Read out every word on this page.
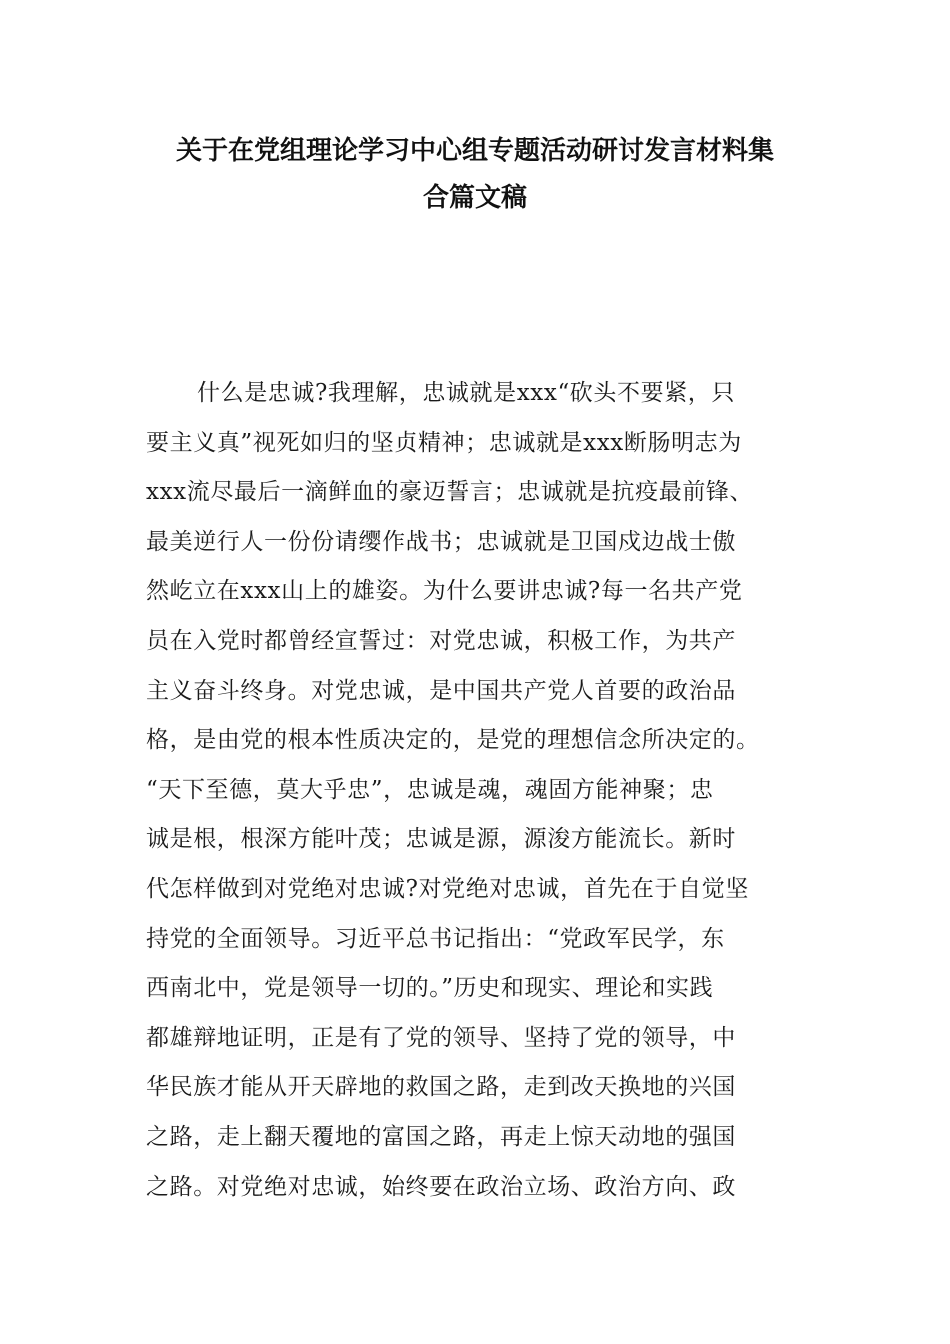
关于在党组理论学习中心组专题活动研讨发言材料集
合篇文稿
什么是忠诚?我理解，忠诚就是xxx“砍头不要紧，只
要主义真”视死如归的坚贞精神；忠诚就是xxx断肠明志为
xxx流尽最后一滴鲜血的豪迈誓言；忠诚就是抗疫最前锋、
最美逆行人一份份请缨作战书；忠诚就是卫国戍边战士傲
然屹立在xxx山上的雄姿。为什么要讲忠诚?每一名共产党
员在入党时都曾经宣誓过：对党忠诚，积极工作，为共产
主义奋斗终身。对党忠诚，是中国共产党人首要的政治品
格，是由党的根本性质决定的，是党的理想信念所决定的。
“天下至德，莫大乎忠”，忠诚是魂，魂固方能神聚；忠
诚是根，根深方能叶茂；忠诚是源，源浚方能流长。新时
代怎样做到对党绝对忠诚?对党绝对忠诚，首先在于自觉坚
持党的全面领导。习近平总书记指出：“党政军民学，东
西南北中，党是领导一切的。”历史和现实、理论和实践
都雄辩地证明，正是有了党的领导、坚持了党的领导，中
华民族才能从开天辟地的救国之路，走到改天换地的兴国
之路，走上翻天覆地的富国之路，再走上惊天动地的强国
之路。对党绝对忠诚，始终要在政治立场、政治方向、政
